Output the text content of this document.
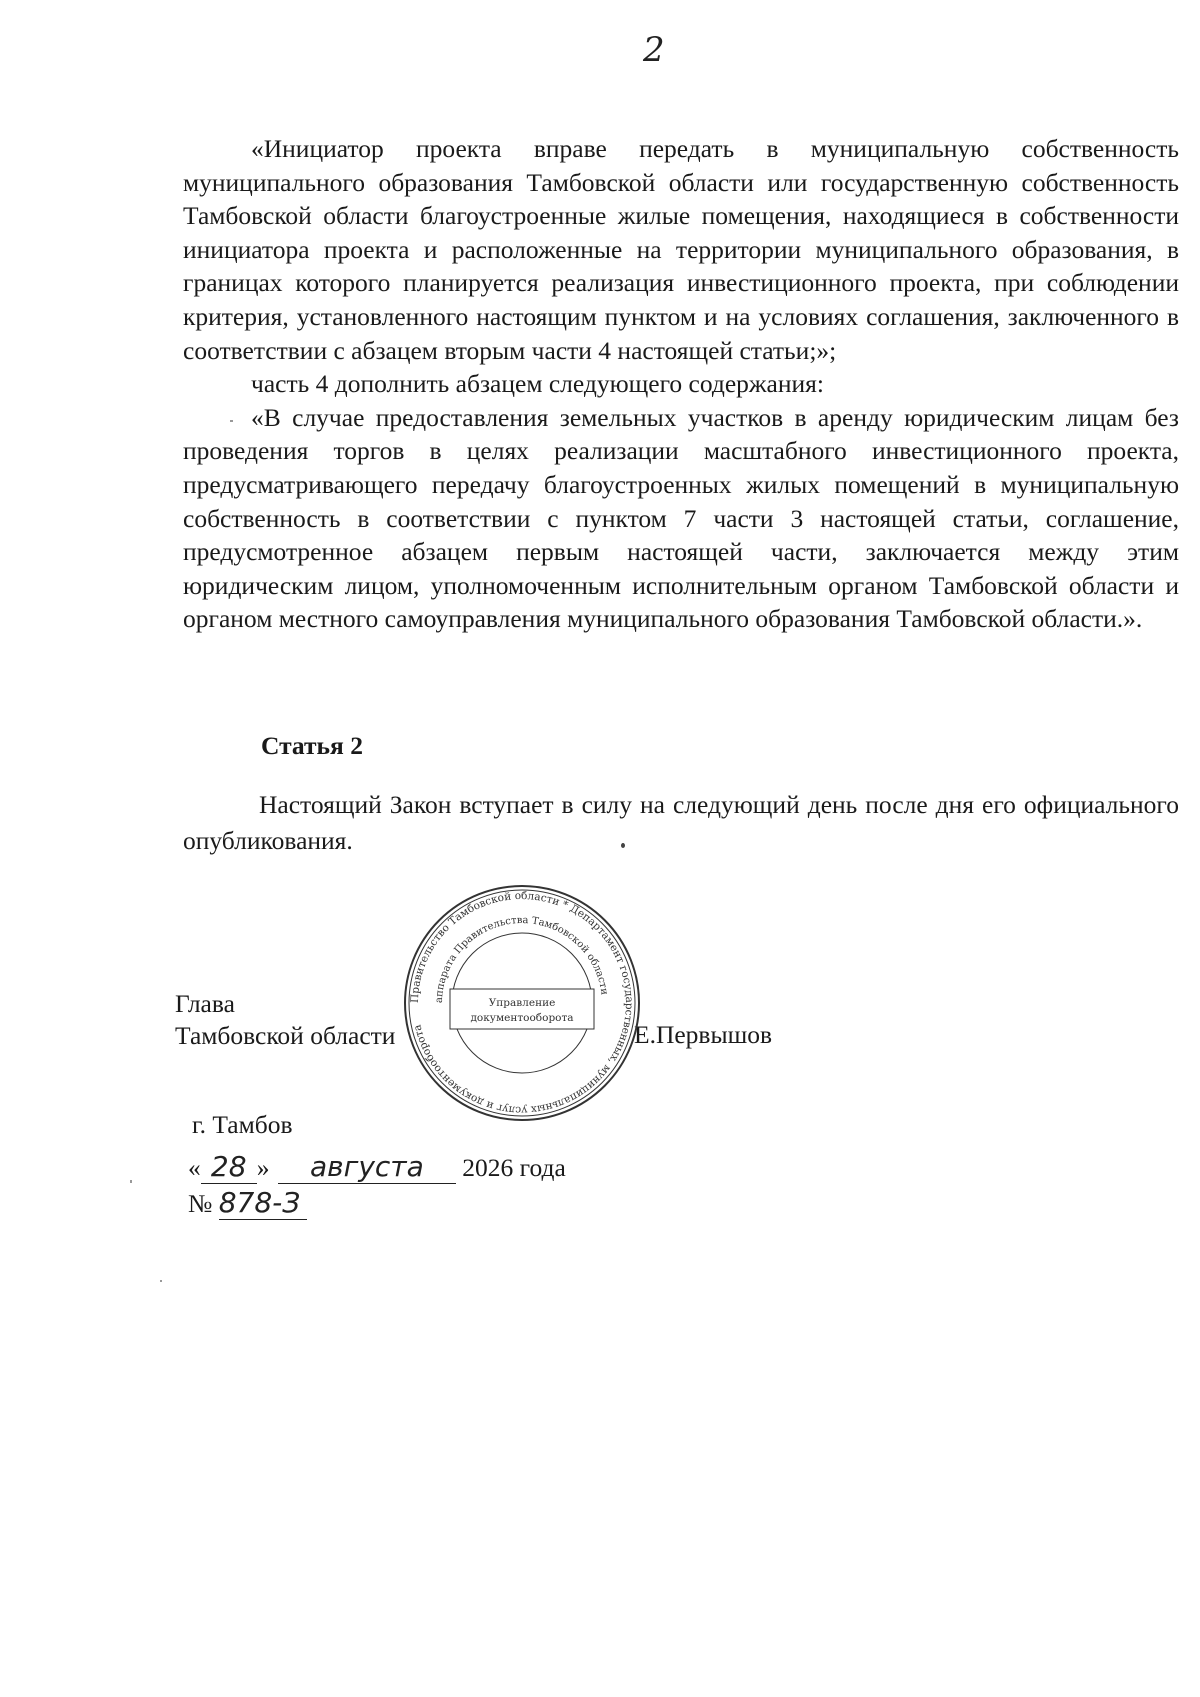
2

«Инициатор проекта вправе передать в муниципальную собственность муниципального образования Тамбовской области или государственную собственность Тамбовской области благоустроенные жилые помещения, находящиеся в собственности инициатора проекта и расположенные на территории муниципального образования, в границах которого планируется реализация инвестиционного проекта, при соблюдении критерия, установленного настоящим пунктом и на условиях соглашения, заключенного в соответствии с абзацем вторым части 4 настоящей статьи;»;

часть 4 дополнить абзацем следующего содержания:

«В случае предоставления земельных участков в аренду юридическим лицам без проведения торгов в целях реализации масштабного инвестиционного проекта, предусматривающего передачу благоустроенных жилых помещений в муниципальную собственность в соответствии с пунктом 7 части 3 настоящей статьи, соглашение, предусмотренное абзацем первым настоящей части, заключается между этим юридическим лицом, уполномоченным исполнительным органом Тамбовской области и органом местного самоуправления муниципального образования Тамбовской области.».

Статья 2

Настоящий Закон вступает в силу на следующий день после дня его официального опубликования.

Глава
Тамбовской области	Е.Первышов
Правительство Тамбовской области * Департамент государственных, муниципальных услуг и документооборота
аппарата Правительства Тамбовской области
Управление
документооборота
г. Тамбов
« 28 » августа 2026 года
№ 878-З
